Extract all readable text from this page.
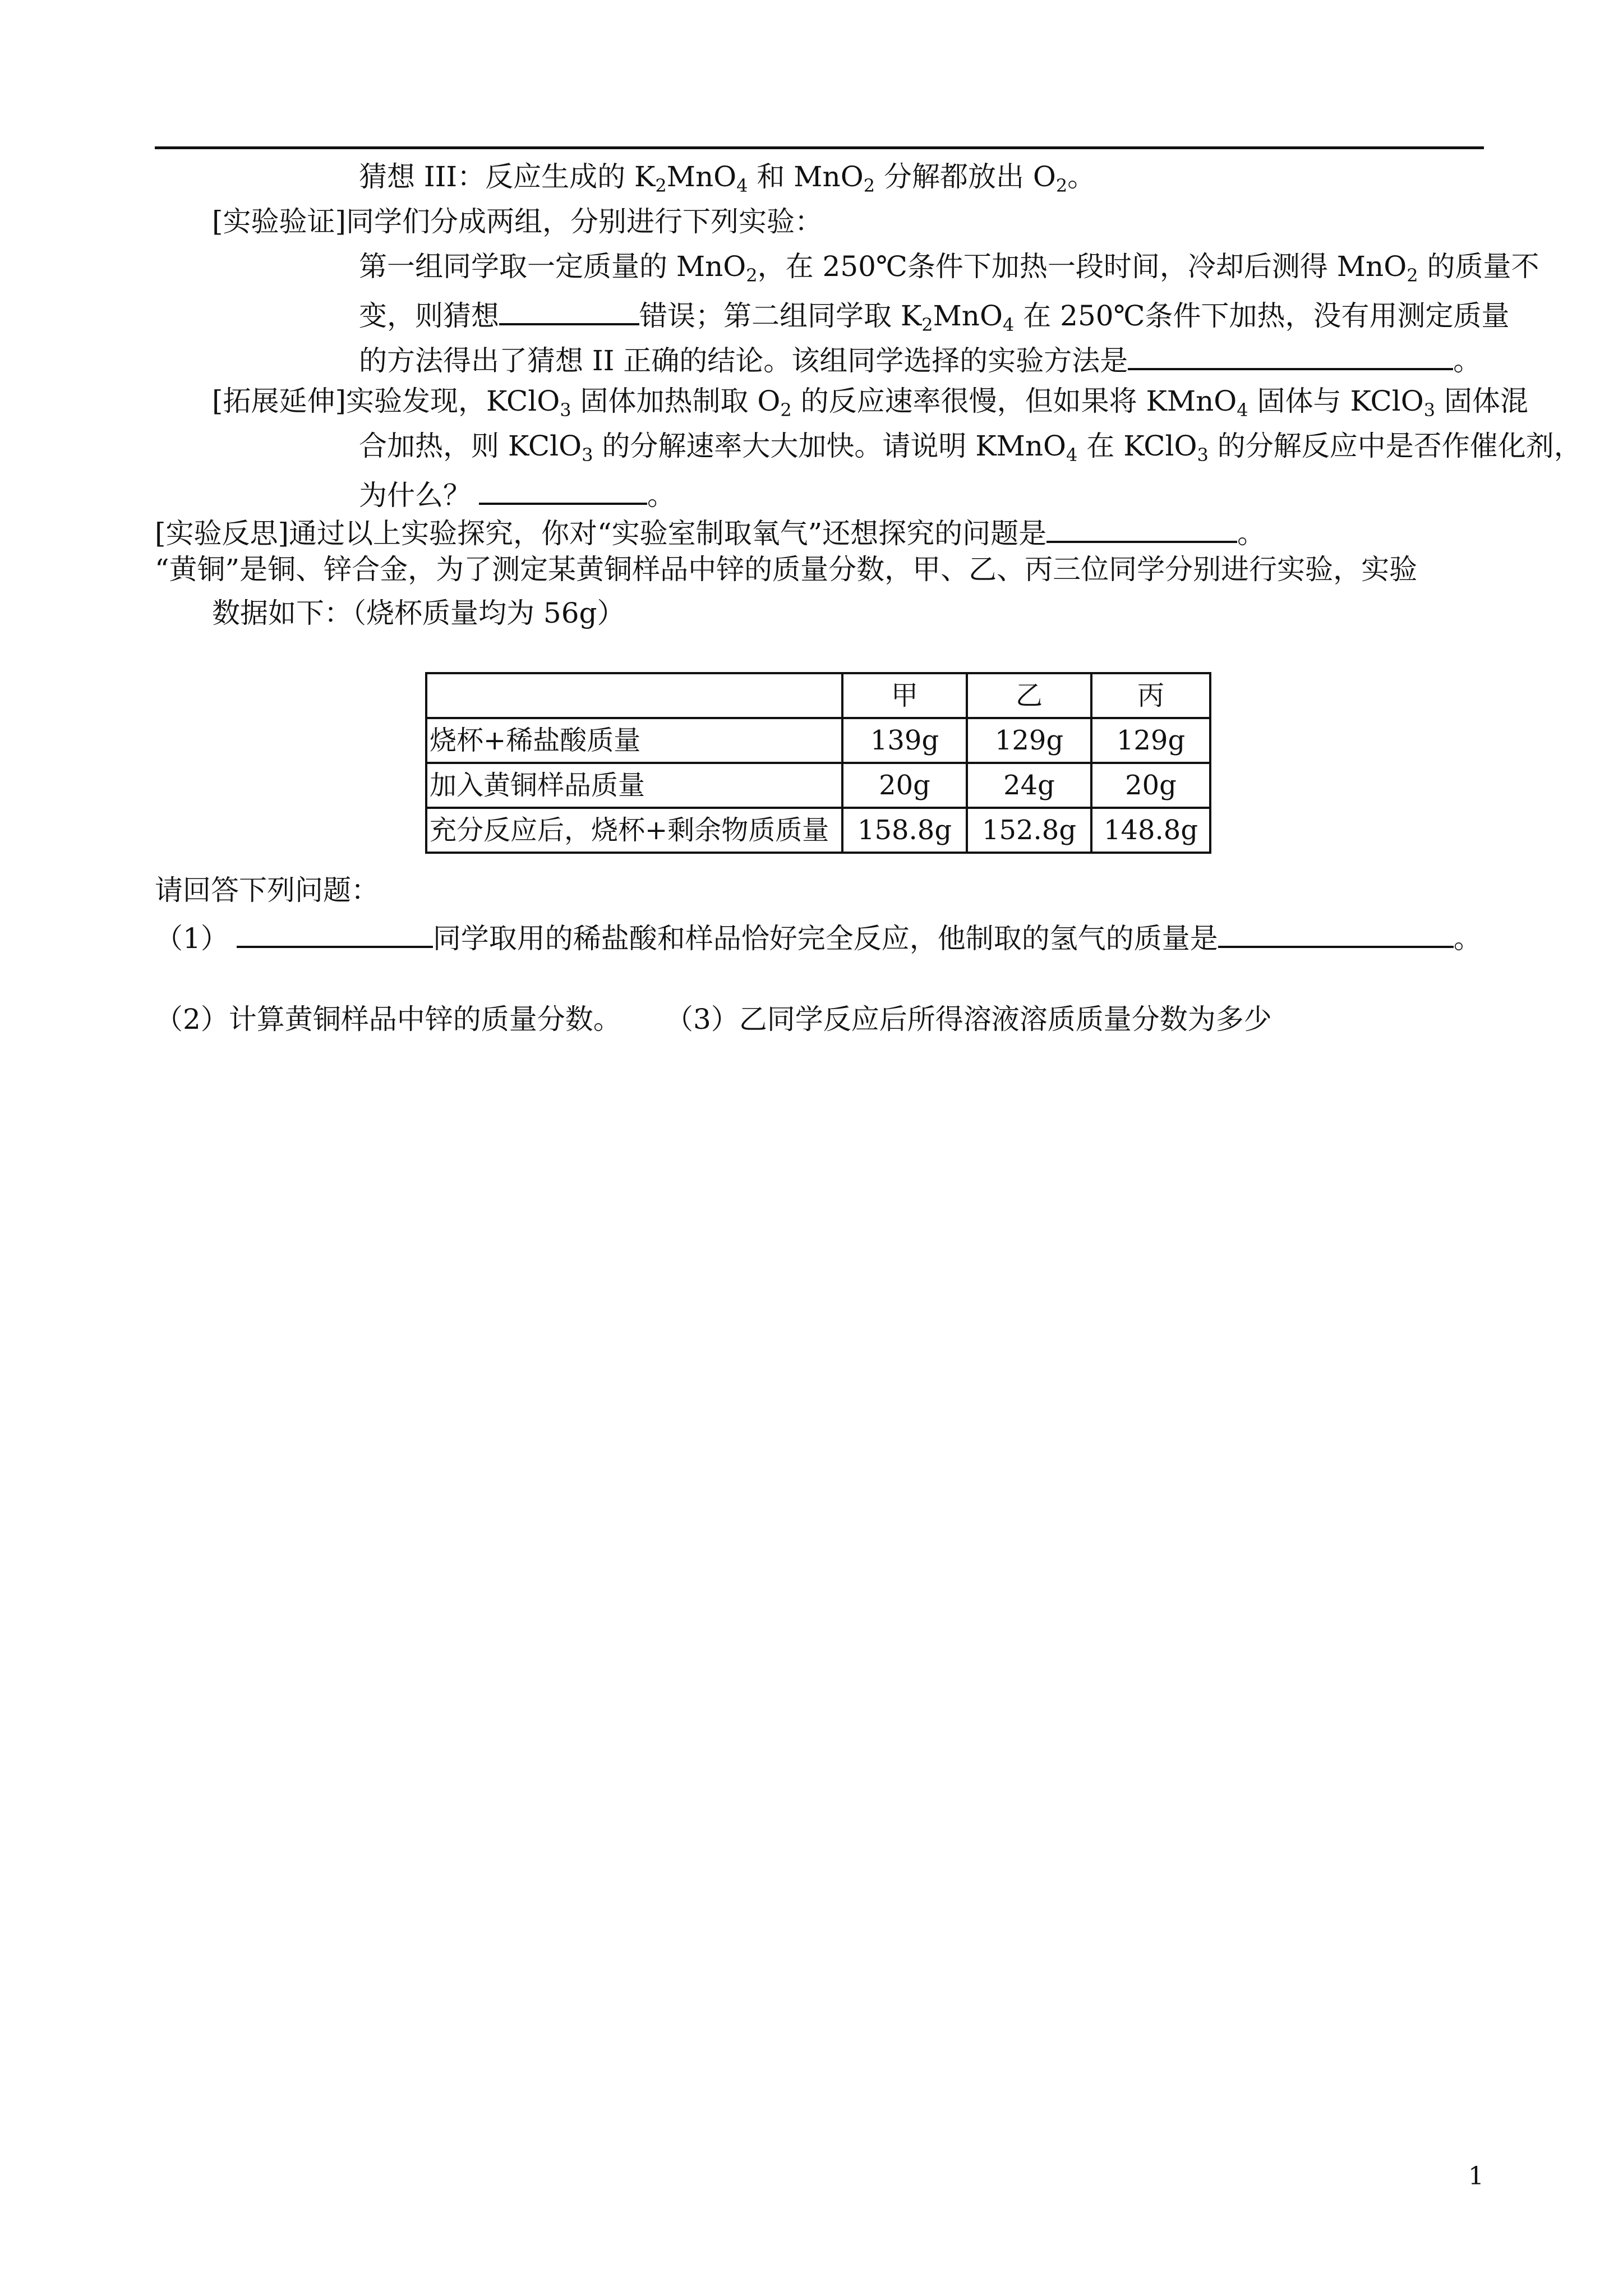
猜想 III：反应生成的 $K_2MnO_4$ 和 MnO$_2$ 分解都放出 $O_2$。
[实验验证]同学们分成两组，分别进行下列实验：
第一组同学取一定质量的 MnO$_2$，在 250℃条件下加热一段时间，冷却后测得 MnO$_2$ 的质量不
变，则猜想	错误；第二组同学取 $K_2MnO_4$ 在 250℃条件下加热，没有用测定质量
的方法得出了猜想 II 正确的结论。该组同学选择的实验方法是	。
[拓展延伸]实验发现，KClO$_3$ 固体加热制取 $O_2$ 的反应速率很慢，但如果将 KMnO$_4$ 固体与 KClO$_3$ 固体混
合加热，则 KClO$_3$ 的分解速率大大加快。请说明 KMnO$_4$ 在 KClO$_3$ 的分解反应中是否作催化剂，
为什么？	。
[实验反思]通过以上实验探究，你对“实验室制取氧气”还想探究的问题是	。
“黄铜”是铜、锌合金，为了测定某黄铜样品中锌的质量分数，甲、乙、丙三位同学分别进行实验，实验
数据如下：（烧杯质量均为 56g）
	甲	乙	丙
烧杯+稀盐酸质量	139g	129g	129g
加入黄铜样品质量	20g	24g	20g
充分反应后，烧杯+剩余物质质量	158.8g	152.8g	148.8g
请回答下列问题：
（1）	同学取用的稀盐酸和样品恰好完全反应，他制取的氢气的质量是	。
（2）计算黄铜样品中锌的质量分数。 （3）乙同学反应后所得溶液溶质质量分数为多少
1
